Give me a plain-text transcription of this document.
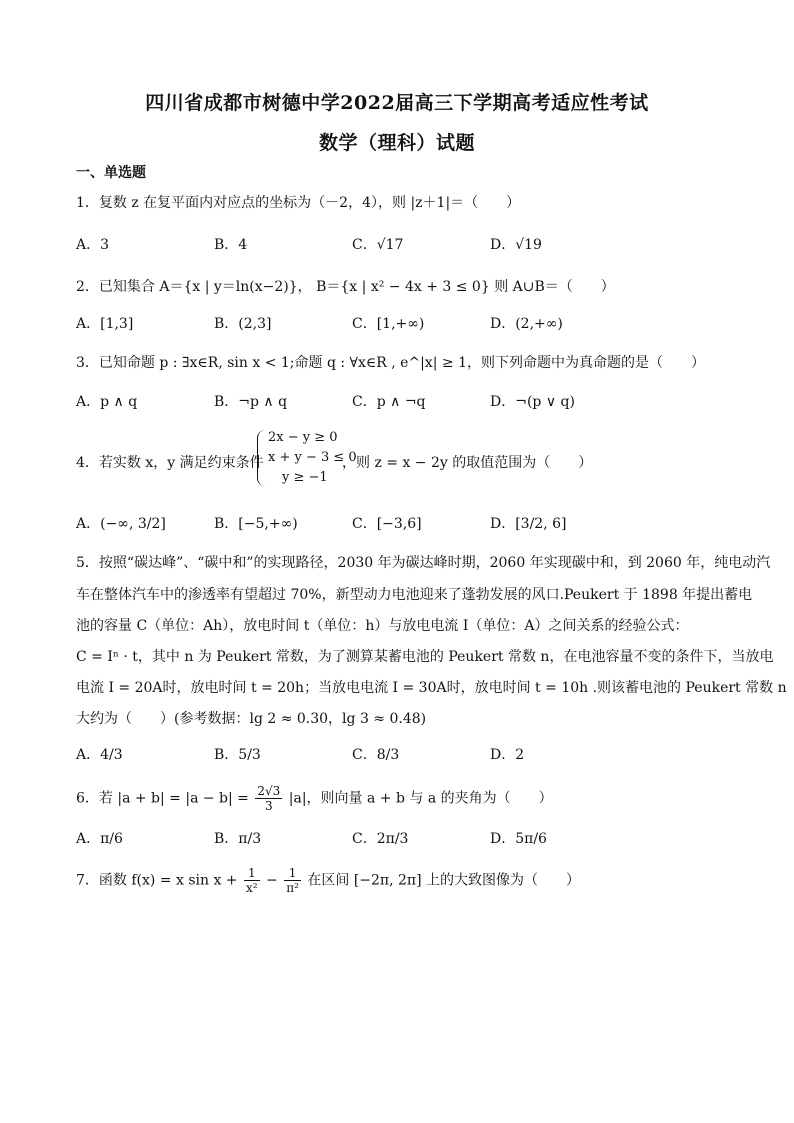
四川省成都市树德中学2022届高三下学期高考适应性考试
数学（理科）试题
一、单选题
1．复数 z 在复平面内对应点的坐标为（－2，4），则 |z＋1|＝（　　）
A．3	B．4	C．√17	D．√19
2．已知集合 A＝{x | y＝ln(x−2)}， B＝{x | x² − 4x + 3 ≤ 0} 则 A∪B＝（　　）
A．[1,3]	B．(2,3]	C．[1,+∞)	D．(2,+∞)
3．已知命题 p : ∃x∈R, sin x < 1;命题 q : ∀x∈R , e^|x| ≥ 1，则下列命题中为真命题的是（　　）
A．p ∧ q	B．¬p ∧ q	C．p ∧ ¬q	D．¬(p ∨ q)
4．若实数 x，y 满足约束条件
2x − y ≥ 0
x + y − 3 ≤ 0
y ≥ −1
，则 z = x − 2y 的取值范围为（　　）
A．(−∞, 3/2]	B．[−5,+∞)	C．[−3,6]	D．[3/2, 6]
5．按照“碳达峰”、“碳中和”的实现路径，2030 年为碳达峰时期，2060 年实现碳中和，到 2060 年，纯电动汽
车在整体汽车中的渗透率有望超过 70%，新型动力电池迎来了蓬勃发展的风口.Peukert 于 1898 年提出蓄电
池的容量 C（单位：Ah），放电时间 t（单位：h）与放电电流 I（单位：A）之间关系的经验公式：
C = Iⁿ · t，其中 n 为 Peukert 常数，为了测算某蓄电池的 Peukert 常数 n，在电池容量不变的条件下，当放电
电流 I = 20A时，放电时间 t = 20h；当放电电流 I = 30A时，放电时间 t = 10h .则该蓄电池的 Peukert 常数 n
大约为（　　）(参考数据：lg 2 ≈ 0.30，lg 3 ≈ 0.48)
A．4/3	B．5/3	C．8/3	D．2
6．若 $|a + b| = |a - b| = \frac{2√3}{3} |a|$，则向量 a + b 与 a 的夹角为（　　）
A．π/6	B．π/3	C．2π/3	D．5π/6
7．函数 f(x) = x $\sin x + \frac{1}{\text{x²}} - \frac{1}{\text{π²}}$ 在区间 [−2π, 2π] 上的大致图像为（　　）
